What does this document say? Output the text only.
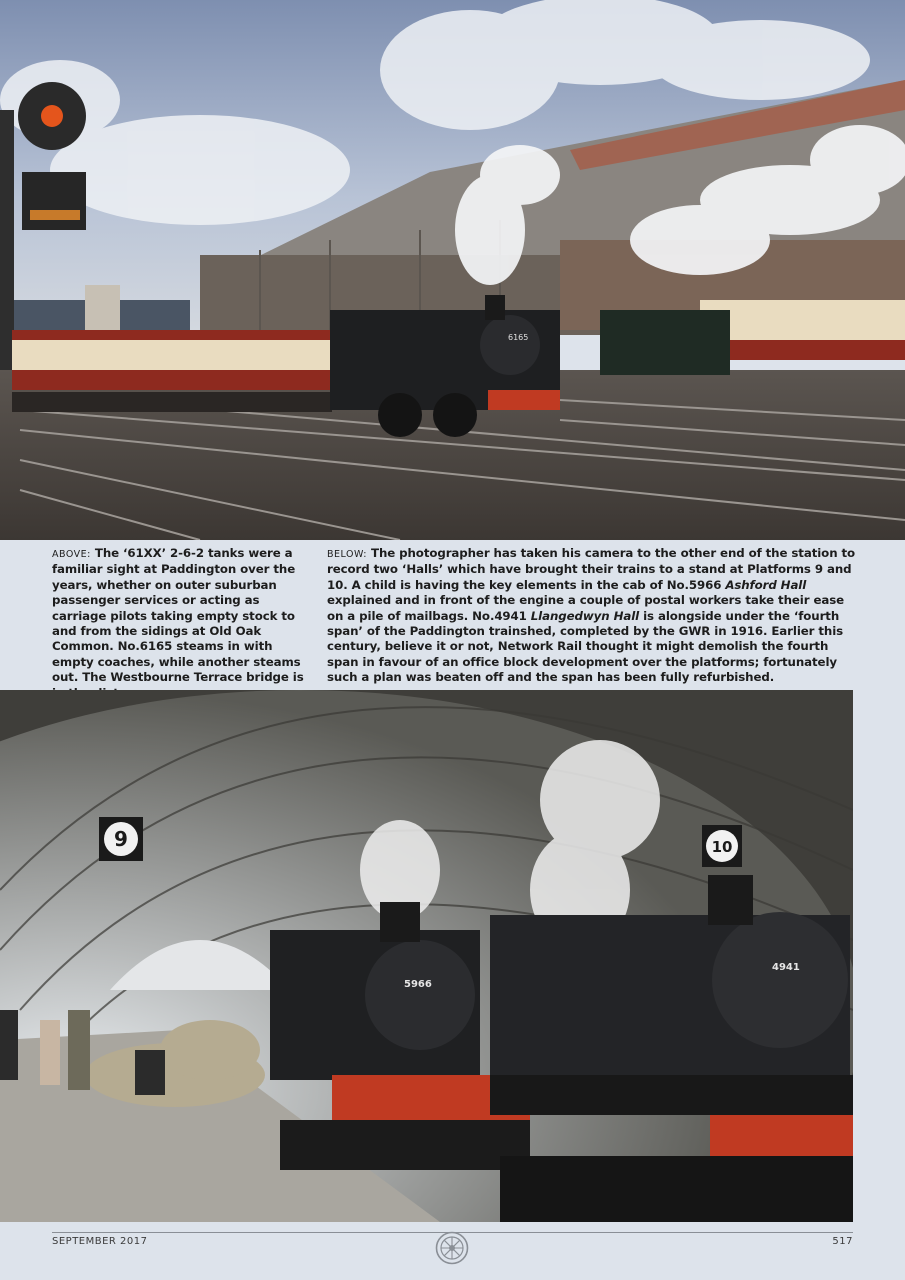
6165
ABOVE: The ‘61XX’ 2-6-2 tanks were a familiar sight at Paddington over the years, whether on outer suburban passenger services or acting as carriage pilots taking empty stock to and from the sidings at Old Oak Common. No.6165 steams in with empty coaches, while another steams out. The Westbourne Terrace bridge is
BELOW: The photographer has taken his camera to the other end of the station to record two ‘Halls’ which have brought their trains to a stand at Platforms 9 and 10. A child is having the key elements in the cab of No.5966 Ashford Hall explained and in front of the engine a couple of postal workers take their ease on a pile of mailbags. No.4941 Llangedwyn Hall is alongside under the ‘fourth span’ of the Paddington trainshed, completed by the GWR in 1916. Earlier this century, believe it or not, Network Rail thought it might demolish the fourth span in favour of an office block development over the platforms; fortunately such a plan was beaten off and the span has been fully refurbished.
5966
4941
9	10
SEPTEMBER 2017	517
